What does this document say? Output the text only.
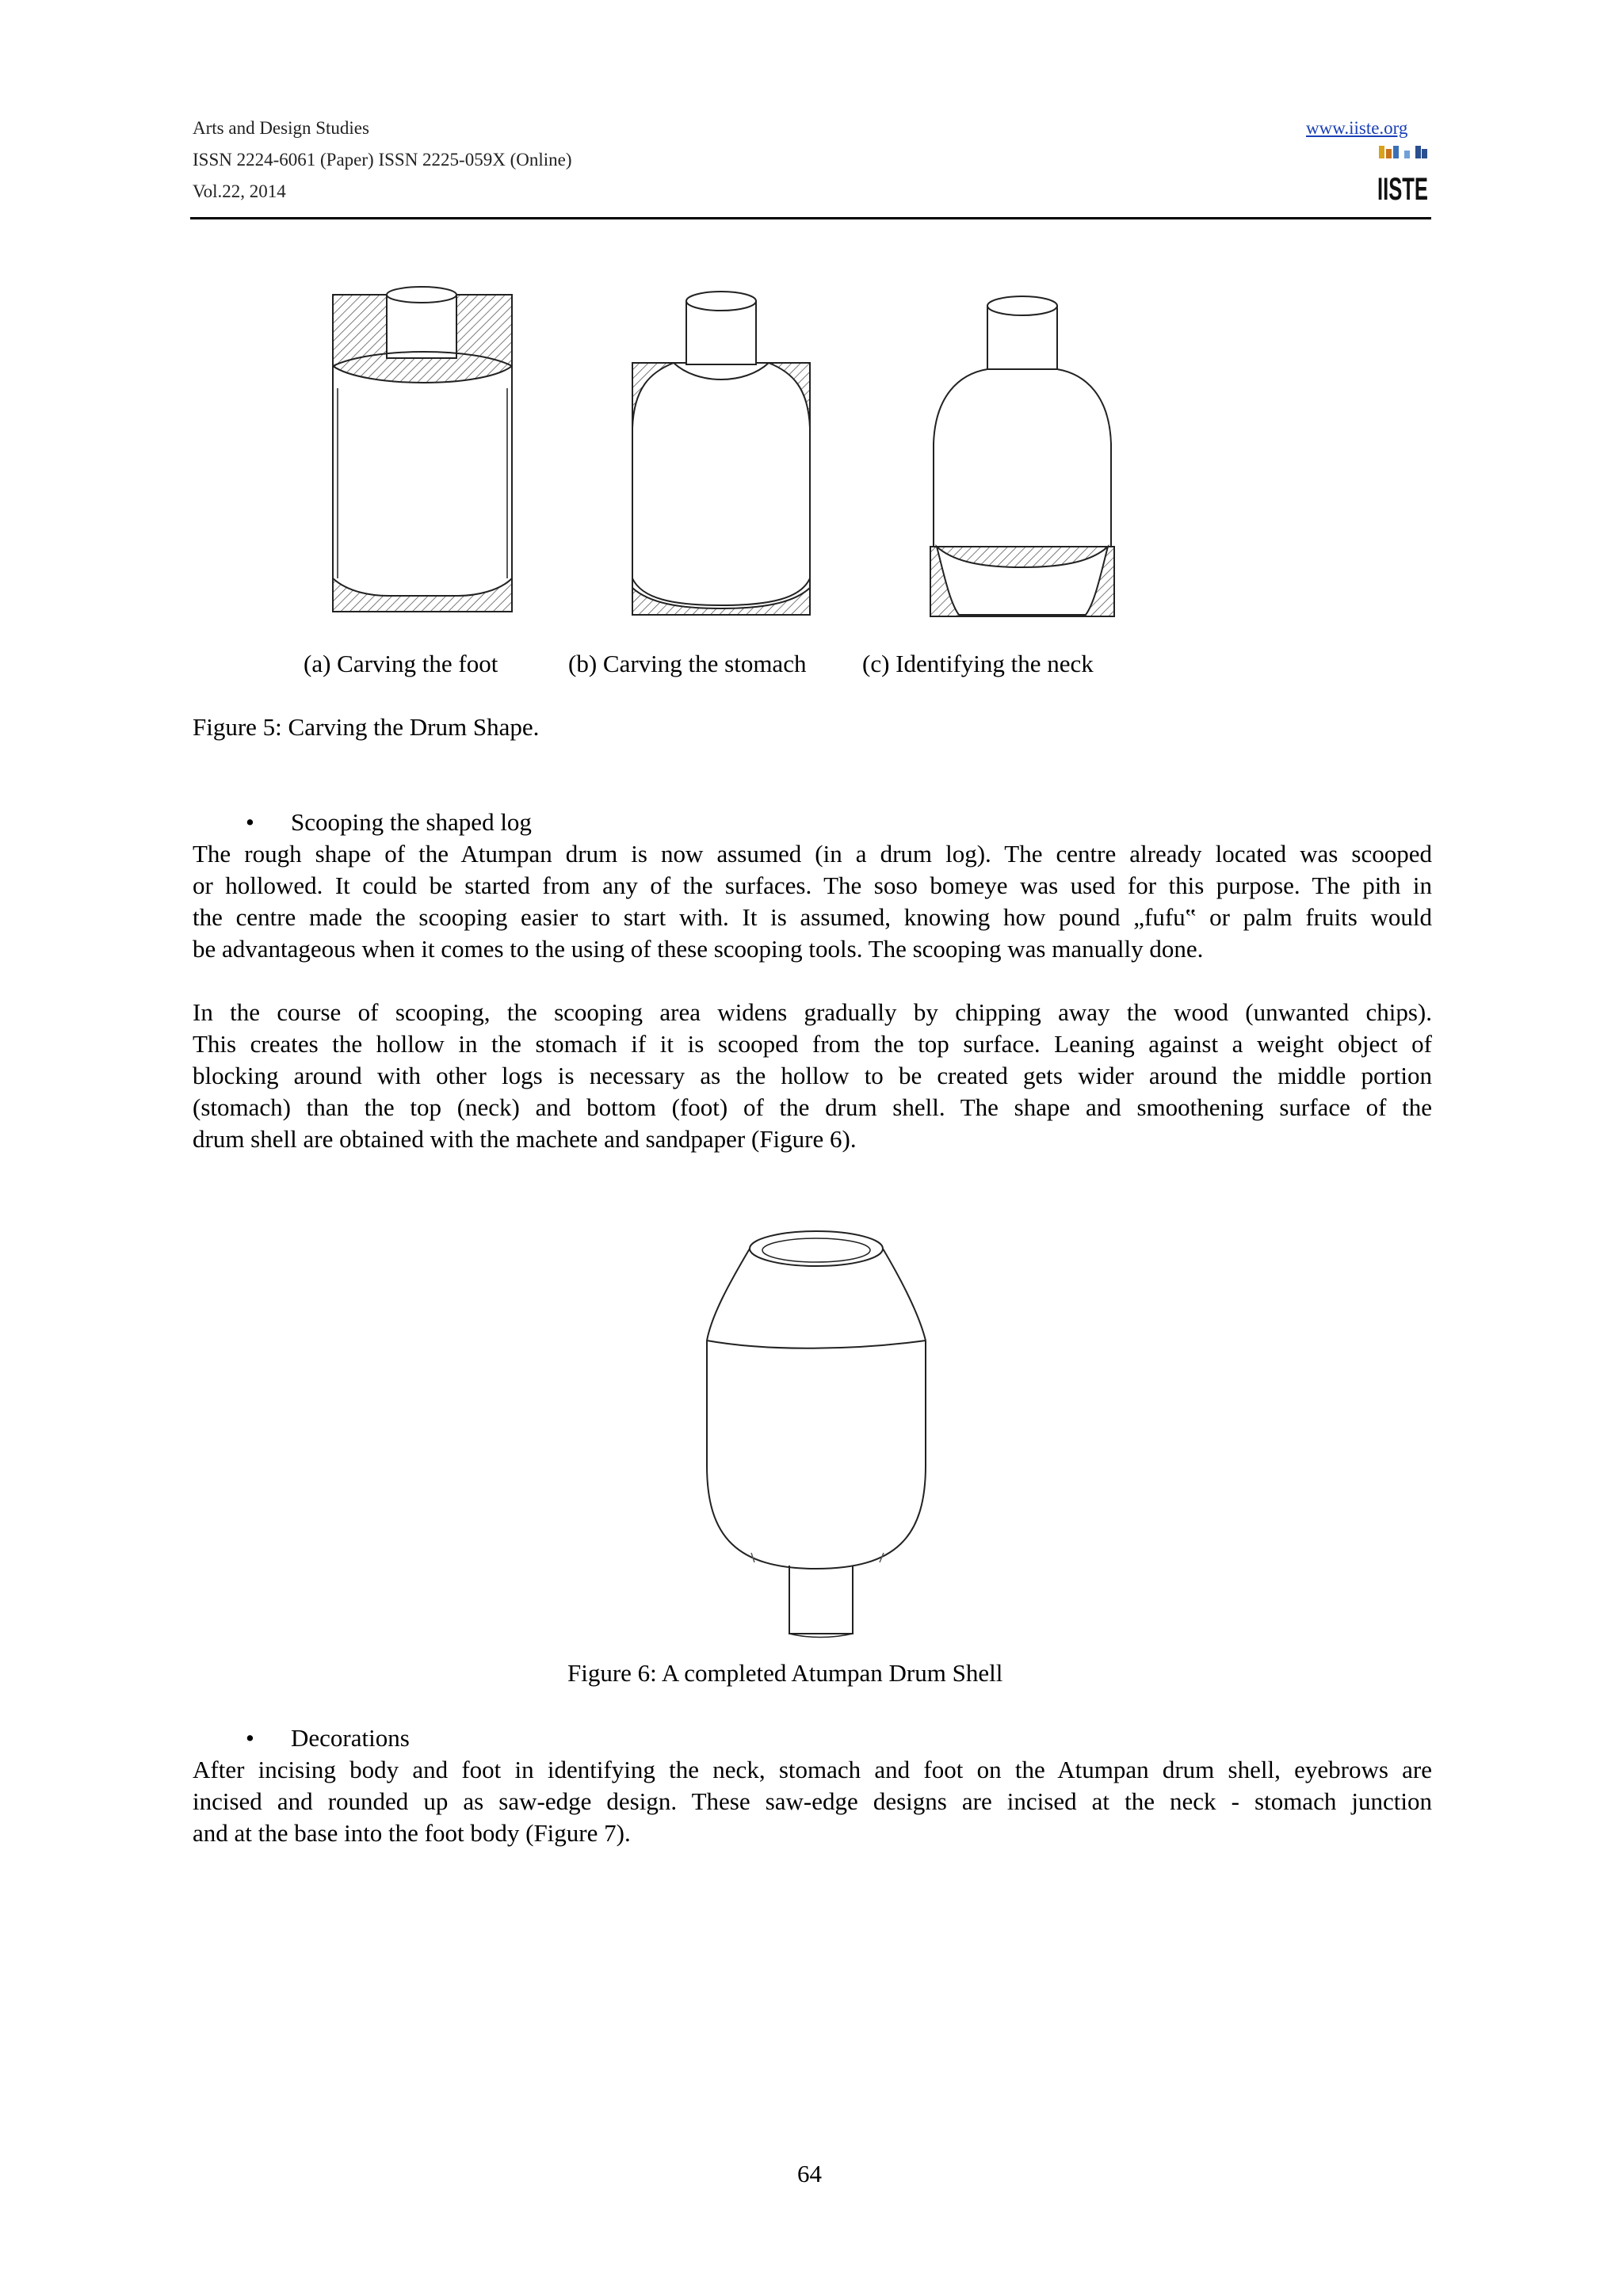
Arts and Design Studies
ISSN 2224-6061 (Paper) ISSN 2225-059X (Online)
Vol.22, 2014
www.iiste.org
IISTE
(a) Carving the foot	(b) Carving the stomach (c) Identifying the neck
Figure 5: Carving the Drum Shape.
• Scooping the shaped log
The rough shape of the Atumpan drum is now assumed (in a drum log). The centre already located was scooped
or hollowed. It could be started from any of the surfaces. The soso bomeye was used for this purpose. The pith in
the centre made the scooping easier to start with. It is assumed, knowing how pound „fufu‟ or palm fruits would
be advantageous when it comes to the using of these scooping tools. The scooping was manually done.
In the course of scooping, the scooping area widens gradually by chipping away the wood (unwanted chips).
This creates the hollow in the stomach if it is scooped from the top surface. Leaning against a weight object of
blocking around with other logs is necessary as the hollow to be created gets wider around the middle portion
(stomach) than the top (neck) and bottom (foot) of the drum shell. The shape and smoothening surface of the
drum shell are obtained with the machete and sandpaper (Figure 6).
Figure 6: A completed Atumpan Drum Shell
• Decorations
After incising body and foot in identifying the neck, stomach and foot on the Atumpan drum shell, eyebrows are
incised and rounded up as saw-edge design. These saw-edge designs are incised at the neck - stomach junction
and at the base into the foot body (Figure 7).
64
